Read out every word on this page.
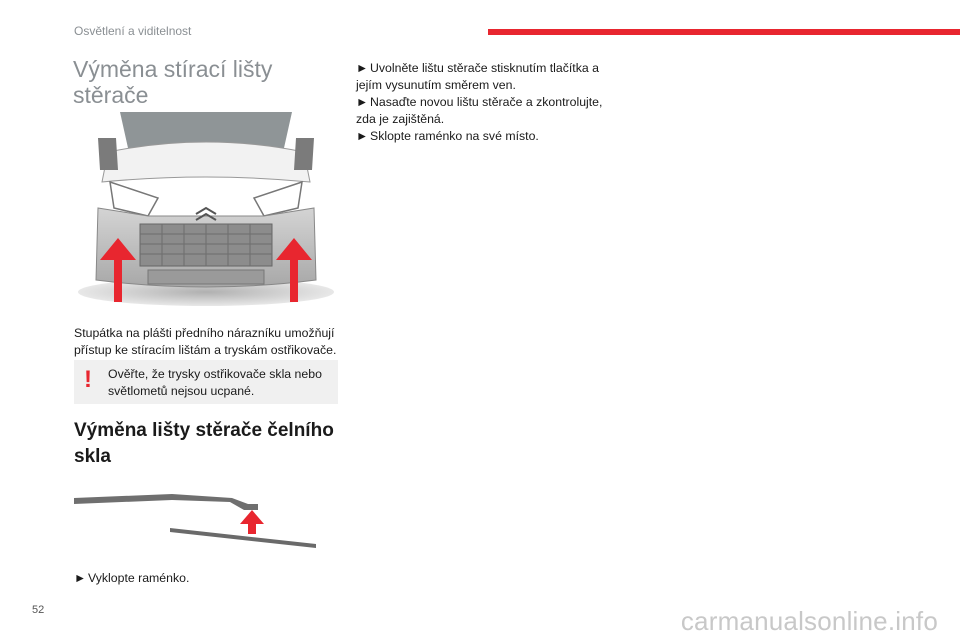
Osvětlení a viditelnost
Výměna stírací lišty stěrače

Stupátka na plášti předního nárazníku umožňují přístup ke stíracím lištám a tryskám ostřikovače.

! Ověřte, že trysky ostřikovače skla nebo světlometů nejsou ucpané.
Výměna lišty stěrače čelního skla
► Vyklopte raménko.

► Uvolněte lištu stěrače stisknutím tlačítka a jejím vysunutím směrem ven.

► Nasaďte novou lištu stěrače a zkontrolujte, zda je zajištěná.

► Sklopte raménko na své místo.

52	carmanualsonline.info
